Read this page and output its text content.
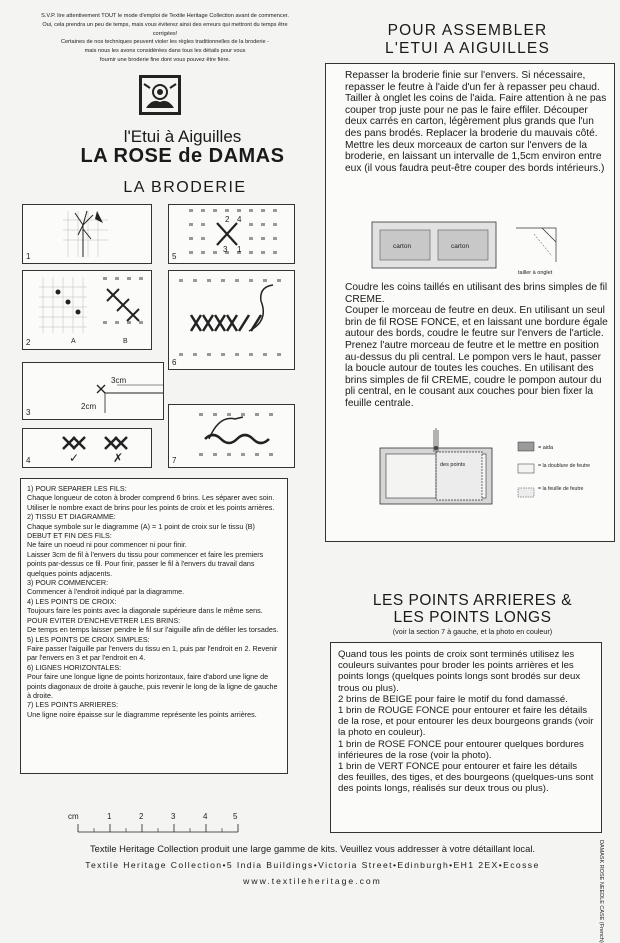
S.V.P. lire attentivement TOUT le mode d'emploi de Textile Heritage Collection avant de commencer.
Oui, cela prendra un peu de temps, mais vous éviterez ainsi des erreurs qui mettront du temps être corrigées!
Certaines de nos techniques peuvent violer les règles traditionnelles de la broderie -
mais nous les avons considérées dans tous les détails pour vous
fournir une broderie fine dont vous pouvez être fière.
l'Etui à Aiguilles
LA ROSE de DAMAS
LA BRODERIE
1
2 4
3 1
5
A	B
2
6
3cm
2cm
3
✓	✗
4	7

1) POUR SEPARER LES FILS:

Chaque longueur de coton à broder comprend 6 brins. Les séparer avec soin. Utiliser le nombre exact de brins pour les points de croix et les points arrières.

2) TISSU ET DIAGRAMME:

Chaque symbole sur le diagramme (A) = 1 point de croix sur le tissu (B)

DEBUT ET FIN DES FILS:

Ne faire un noeud ni pour commencer ni pour finir.

Laisser 3cm de fil à l'envers du tissu pour commencer et faire les premiers points par-dessus ce fil. Pour finir, passer le fil à l'envers du travail dans quelques points adjacents.

3) POUR COMMENCER:

Commencer à l'endroit indiqué par la diagramme.

4) LES POINTS DE CROIX:

Toujours faire les points avec la diagonale supérieure dans le même sens.

POUR EVITER D'ENCHEVETRER LES BRINS:

De temps en temps laisser pendre le fil sur l'aiguille afin de défiler les torsades.

5) LES POINTS DE CROIX SIMPLES:

Faire passer l'aiguille par l'envers du tissu en 1, puis par l'endroit en 2. Revenir par l'envers en 3 et par l'endroit en 4.

6) LIGNES HORIZONTALES:

Pour faire une longue ligne de points horizontaux, faire d'abord une ligne de points diagonaux de droite à gauche, puis revenir le long de la ligne de gauche à droite.

7) LES POINTS ARRIERES:

Une ligne noire épaisse sur le diagramme représente les points arrières.

cm	1	2	3	4	5
POUR ASSEMBLER
L'ETUI A AIGUILLES

Repasser la broderie finie sur l'envers. Si nécessaire, repasser le feutre à l'aide d'un fer à repasser peu chaud.

Tailler à onglet les coins de l'aida. Faire attention à ne pas couper trop juste pour ne pas le faire effiler. Découper deux carrés en carton, légèrement plus grands que l'un des pans brodés. Replacer la broderie du mauvais côté. Mettre les deux morceaux de carton sur l'envers de la broderie, en laissant un intervalle de 1,5cm environ entre eux (il vous faudra peut-être couper des bords intérieurs.)

carton	carton
tailler à onglet

Coudre les coins taillés en utilisant des brins simples de fil CREME.

Couper le morceau de feutre en deux. En utilisant un seul brin de fil ROSE FONCE, et en laissant une bordure égale autour des bords, coudre le feutre sur l'envers de l'article.

Prenez l'autre morceau de feutre et le mettre en position au-dessus du pli central. Le pompon vers le haut, passer la boucle autour de toutes les couches. En utilisant des brins simples de fil CREME, coudre le pompon autour du pli central, en le cousant aux couches pour bien fixer la feuille centrale.

des points
= aida
= la doublure de feutre
= la feuille de feutre
LES POINTS ARRIERES &
LES POINTS LONGS
(voir la section 7 à gauche, et la photo en couleur)

Quand tous les points de croix sont terminés utilisez les couleurs suivantes pour broder les points arrières et les points longs (quelques points longs sont brodés sur deux trous ou plus).

2 brins de BEIGE pour faire le motif du fond damassé.

1 brin de ROUGE FONCE pour entourer et faire les détails de la rose, et pour entourer les deux bourgeons grands (voir la photo en couleur).

1 brin de ROSE FONCE pour entourer quelques bordures inférieures de la rose (voir la photo).

1 brin de VERT FONCE pour entourer et faire les détails des feuilles, des tiges, et des bourgeons (quelques-uns sont des points longs, réalisés sur deux trous ou plus).

DAMASK ROSE NEEDLE CASE (French)
Textile Heritage Collection produit une large gamme de kits. Veuillez vous addresser à votre détaillant local.
Textile Heritage Collection•5 India Buildings•Victoria Street•Edinburgh•EH1 2EX•Ecosse
www.textileheritage.com
